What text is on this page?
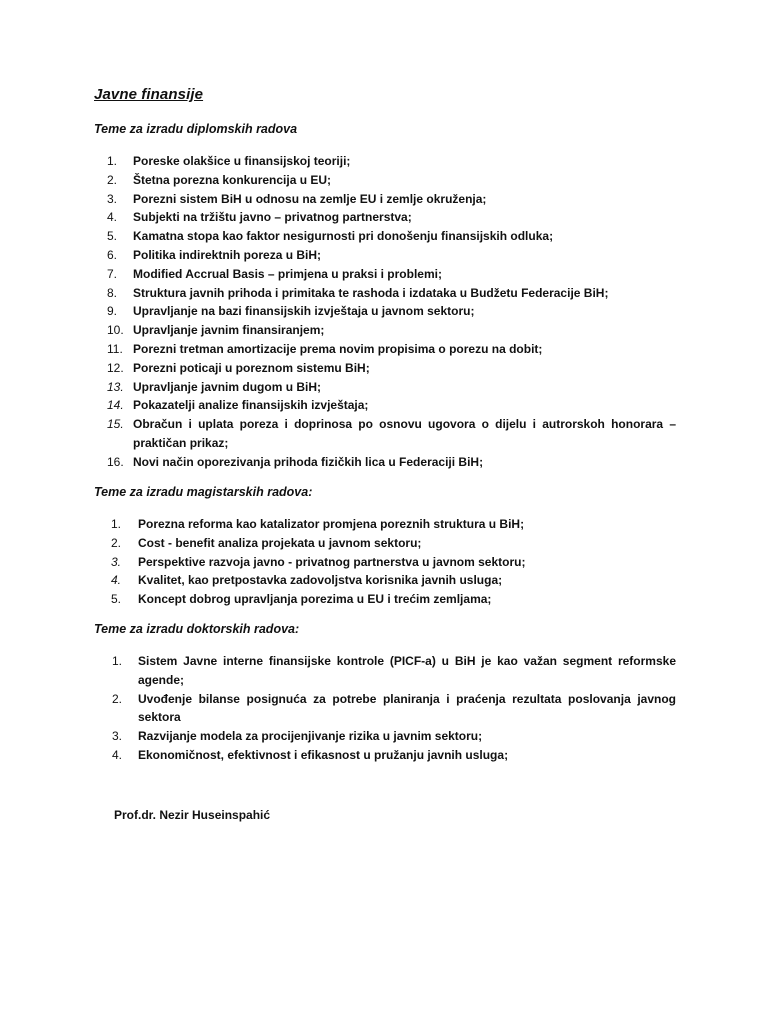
Javne finansije
Teme za izradu diplomskih radova
1.	Poreske olakšice u finansijskoj teoriji;
2.	Štetna porezna konkurencija u EU;
3.	Porezni sistem BiH u odnosu na zemlje EU i zemlje okruženja;
4.	Subjekti na tržištu javno – privatnog partnerstva;
5.	Kamatna stopa kao faktor nesigurnosti pri donošenju finansijskih odluka;
6.	Politika indirektnih poreza u BiH;
7.	Modified Accrual Basis – primjena u praksi i problemi;
8.	Struktura javnih prihoda i primitaka te rashoda i izdataka u Budžetu Federacije BiH;
9.	Upravljanje na bazi finansijskih izvještaja u javnom sektoru;
10. Upravljanje javnim finansiranjem;
11. Porezni tretman amortizacije prema novim propisima o porezu na dobit;
12. Porezni poticaji u poreznom sistemu BiH;
13. Upravljanje javnim dugom u BiH;
14. Pokazatelji analize finansijskih izvještaja;
15. Obračun i uplata poreza i doprinosa po osnovu ugovora o dijelu i autrorskoh honorara – praktičan prikaz;
16. Novi način oporezivanja prihoda fizičkih lica u Federaciji BiH;
Teme za izradu magistarskih radova:
1.	Porezna reforma kao katalizator promjena poreznih struktura u BiH;
2.	Cost - benefit analiza projekata u javnom sektoru;
3.	Perspektive razvoja javno - privatnog partnerstva u javnom sektoru;
4.	Kvalitet, kao pretpostavka zadovoljstva korisnika javnih usluga;
5.	Koncept dobrog upravljanja porezima u EU i trećim zemljama;
Teme za izradu doktorskih radova:
1.	Sistem Javne interne finansijske kontrole (PICF-a) u BiH je kao važan segment reformske agende;
2.	Uvođenje bilanse posignuća za potrebe planiranja i praćenja rezultata poslovanja javnog sektora
3.	Razvijanje modela za procijenjivanje rizika u javnim sektoru;
4.	Ekonomičnost, efektivnost i efikasnost u pružanju javnih usluga;

Prof.dr. Nezir Huseinspahić
